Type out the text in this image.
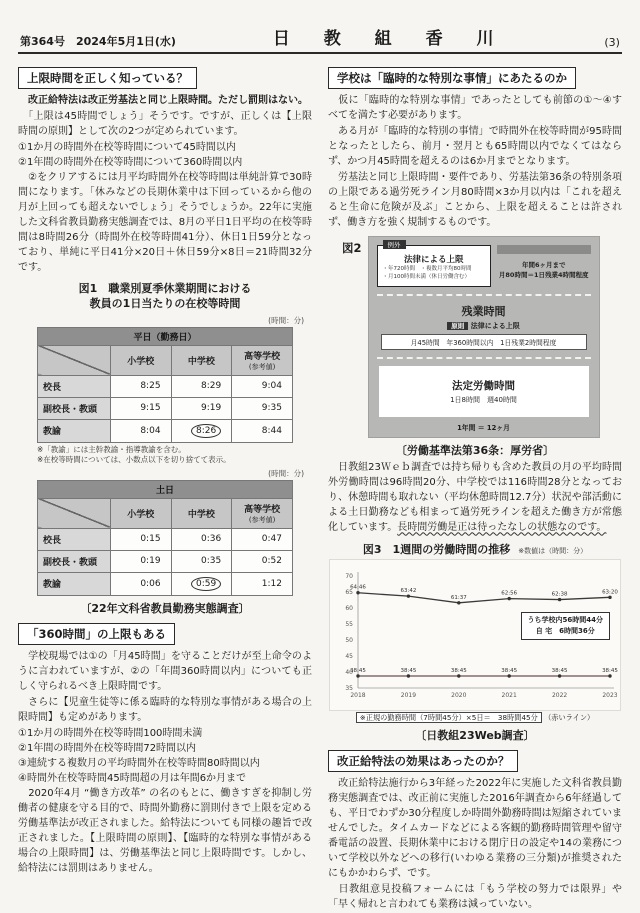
第364号　2024年5月1日(水)	日 教 組 香 川	(3)
上限時間を正しく知っている？

　改正給特法は改正労基法と同じ上限時間。ただし罰則はない。

　「上限は45時間でしょう」そうです。ですが、正しくは【上限時間の原則】として次の2つが定められています。

①1か月の時間外在校等時間について45時間以内

②1年間の時間外在校等時間について360時間以内

　②をクリアするには月平均時間外在校等時間は単純計算で30時間になります。「休みなどの長期休業中は下回っているから他の月が上回っても超えないでしょう」そうでしょうか。22年に実施した文科省教員勤務実態調査では、8月の平日1日平均の在校等時間は8時間26分（時間外在校等時間41分）、休日1日59分となっており、単純に平日41分×20日＋休日59分×8日＝21時間32分です。

図1　職業別夏季休業期間における
教員の1日当たりの在校等時間
(時間：分)
平日（勤務日）			
	小学校	中学校	高等学校
(参考値)

校長	8:25	8:29	9:04
副校長・教頭	9:15	9:19	9:35
教諭	8:04	8:26	8:44
※「教諭」には主幹教諭・指導教諭を含む。
※在校等時間については、小数点以下を切り捨てて表示。
(時間：分)
土日			
	小学校	中学校	高等学校
(参考値)

校長	0:15	0:36	0:47
副校長・教頭	0:19	0:35	0:52
教諭	0:06	0:59	1:12
〔22年文科省教員勤務実態調査〕
「360時間」の上限もある

　学校現場では①の「月45時間」を守ることだけが至上命令のように言われていますが、②の「年間360時間以内」についても正しく守られるべき上限時間です。

　さらに【児童生徒等に係る臨時的な特別な事情がある場合の上限時間】も定めがあります。

①1か月の時間外在校等時間100時間未満

②1年間の時間外在校等時間72時間以内

③連続する複数月の平均時間外在校等時間80時間以内

④時間外在校等時間45時間超の月は年間6か月まで

　2020年4月 “働き方改革” の名のもとに、働きすぎを抑制し労働者の健康を守る目的で、時間外勤務に罰則付きで上限を定める労働基準法が改正されました。給特法についても同様の趣旨で改正されました。【上限時間の原則】、【臨時的な特別な事情がある場合の上限時間】は、労働基準法と同じ上限時間です。しかし、給特法には罰則はありません。

学校は「臨時的な特別な事情」にあたるのか

　仮に「臨時的な特別な事情」であったとしても前節の①～④すべてを満たす必要があります。

　ある月が「臨時的な特別の事情」で時間外在校等時間が95時間となったとしたら、前月・翌月とも65時間以内でなくてはならず、かつ月45時間を超えるのは6か月までとなります。

　労基法と同じ上限時間・要件であり、労基法第36条の特別条項の上限である過労死ライン月80時間×3か月以内は「これを超えると生命に危険が及ぶ」ことから、上限を超えることは許されず、働き方を強く規制するものです。

図2	例外
法律による上限
・年720時間　・複数月平均80時間
・月100時間未満（休日労働含む）
年間6ヶ月まで
月80時間＝1日残業4時間程度
残業時間
原則 法律による上限
月45時間　年360時間以内　1日残業2時間程度
法定労働時間
1日8時間　週40時間
1年間 ＝ 12ヶ月
〔労働基準法第36条：厚労省〕

　日教組23Ｗｅｂ調査では持ち帰りも含めた教員の月の平均時間外労働時間は96時間20分、中学校では116時間28分となっており、休憩時間も取れない（平均休憩時間12.7分）状況や部活動による土日勤務なども相まって過労死ラインを超えた働き方が常態化しています。長時間労働是正は待ったなしの状態なのです。

図3　1週間の労働時間の推移 ※数値は（時間：分）
70
65
60
55
50
45
40
35
2018	2019	2020	2021	2022	2023
64:46
63:42
61:37
62:56	62:38	63:20
38:45	38:45	38:45	38:45	38:45	38:45
うち学校内56時間44分
自 宅　6時間36分
※正規の勤務時間（7時間45分）×5日＝　38時間45分 （赤いライン）
〔日教組23Web調査〕
改正給特法の効果はあったのか？

　改正給特法施行から3年経った2022年に実施した文科省教員勤務実態調査では、改正前に実施した2016年調査から6年経過しても、平日でわずか30分程度しか時間外勤務時間は短縮されていませんでした。タイムカードなどによる客観的勤務時間管理や留守番電話の設置、長期休業中における閉庁日の設定や14の業務について学校以外などへの移行(いわゆる業務の三分類)が推奨されたにもかかわらず、です。

　日教組意見投稿フォームには「もう学校の努力では限界」や「早く帰れと言われても業務は減っていない。
